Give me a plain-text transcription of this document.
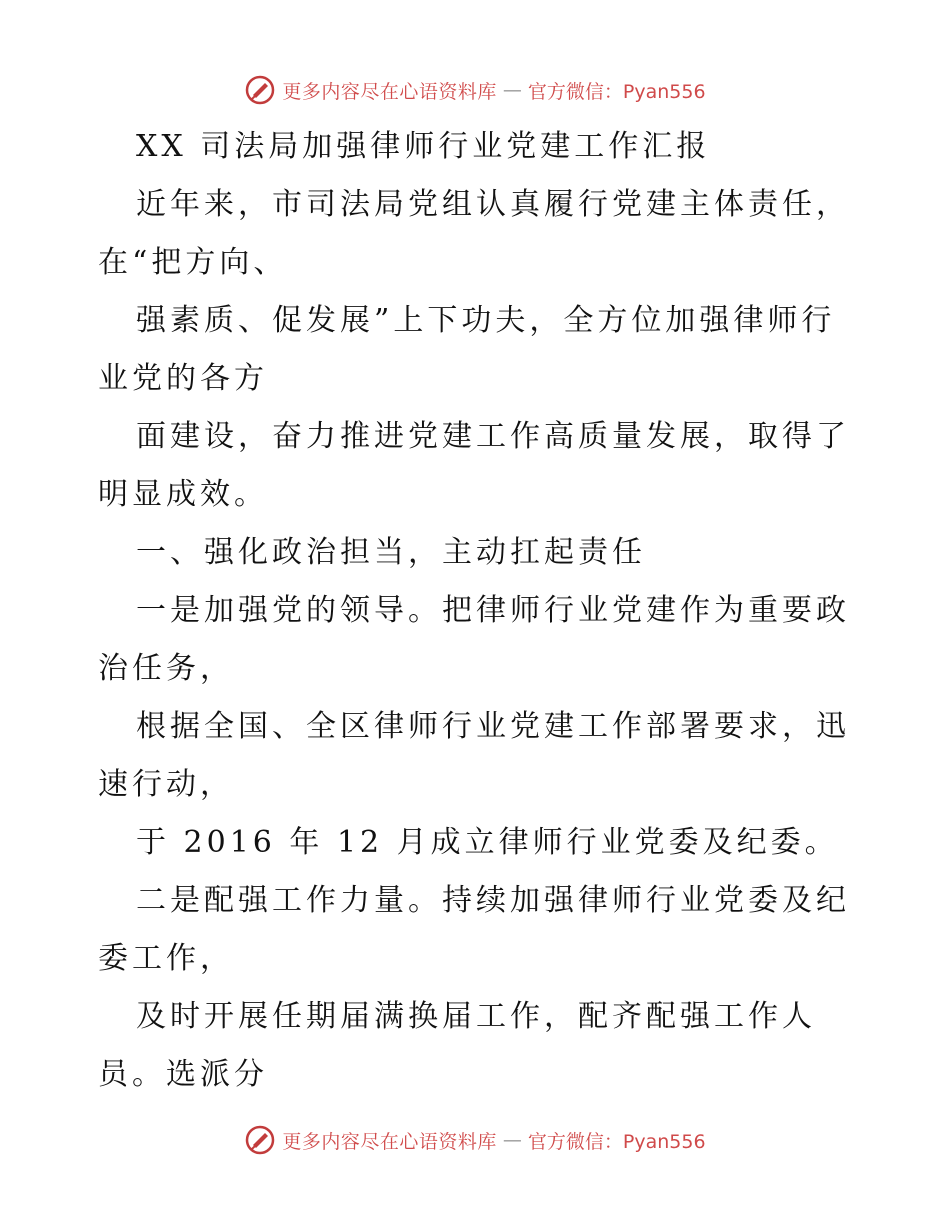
更多内容尽在心语资料库 — 官方微信：Pyan556
XX 司法局加强律师行业党建工作汇报
近年来，市司法局党组认真履行党建主体责任，
在“把方向、
强素质、促发展”上下功夫，全方位加强律师行
业党的各方
面建设，奋力推进党建工作高质量发展，取得了
明显成效。
一、强化政治担当，主动扛起责任
一是加强党的领导。把律师行业党建作为重要政
治任务，
根据全国、全区律师行业党建工作部署要求，迅
速行动，
于 2016 年 12 月成立律师行业党委及纪委。
二是配强工作力量。持续加强律师行业党委及纪
委工作，
及时开展任期届满换届工作，配齐配强工作人
员。选派分
更多内容尽在心语资料库 — 官方微信：Pyan556
